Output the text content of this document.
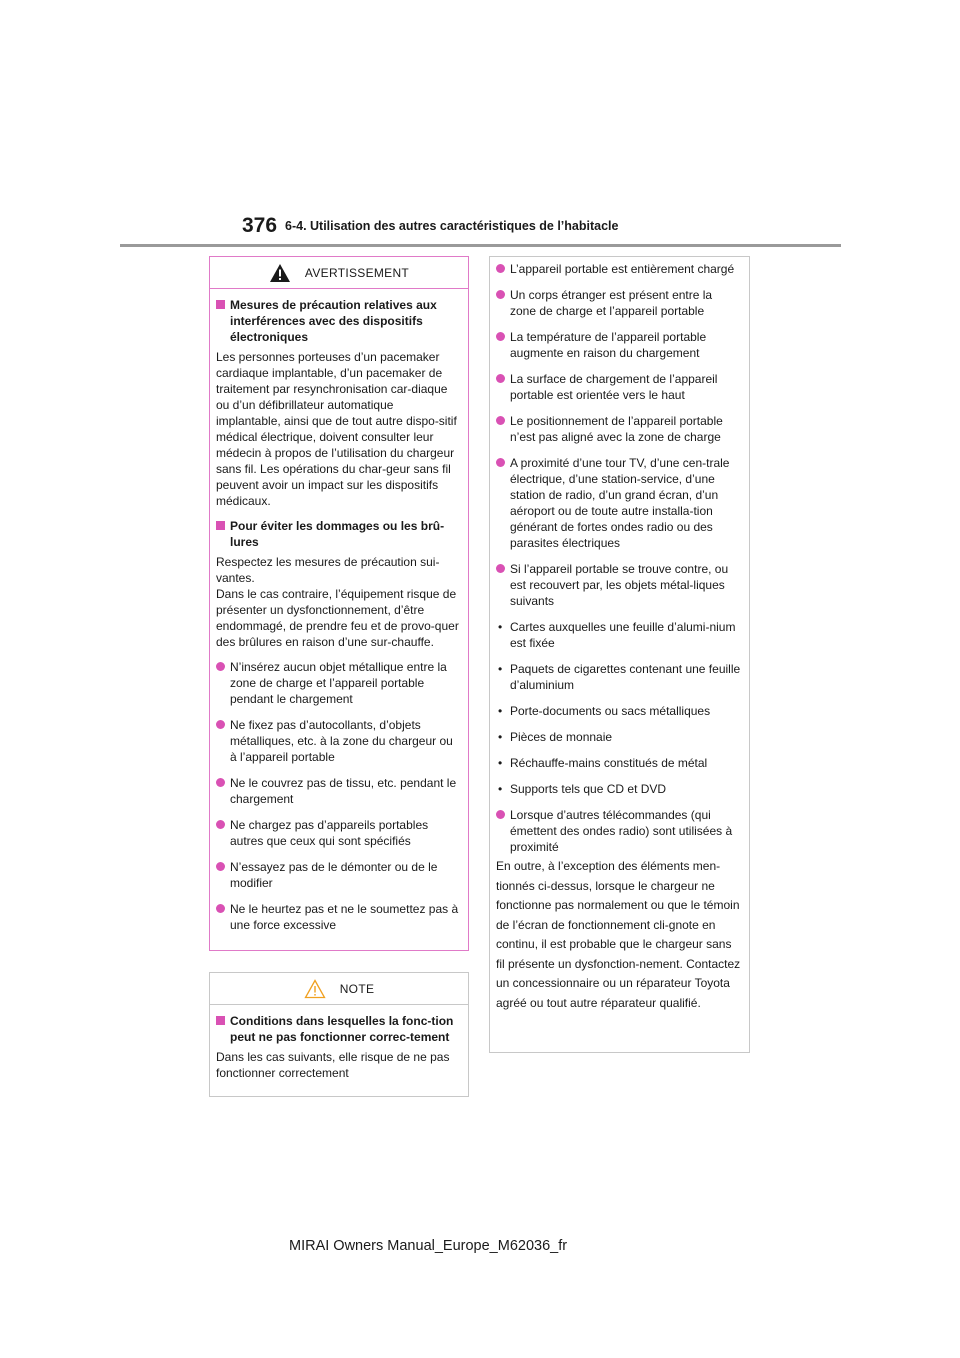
376 6-4. Utilisation des autres caractéristiques de l’habitacle
AVERTISSEMENT
Mesures de précaution relatives aux interférences avec des dispositifs électroniques
Les personnes porteuses d’un pacemaker cardiaque implantable, d’un pacemaker de traitement par resynchronisation car-diaque ou d’un défibrillateur automatique implantable, ainsi que de tout autre dispo-sitif médical électrique, doivent consulter leur médecin à propos de l’utilisation du chargeur sans fil. Les opérations du char-geur sans fil peuvent avoir un impact sur les dispositifs médicaux.
Pour éviter les dommages ou les brû-lures
Respectez les mesures de précaution sui-vantes.
Dans le cas contraire, l’équipement risque de présenter un dysfonctionnement, d’être endommagé, de prendre feu et de provo-quer des brûlures en raison d’une sur-chauffe.
N’insérez aucun objet métallique entre la zone de charge et l’appareil portable pendant le chargement
Ne fixez pas d’autocollants, d’objets métalliques, etc. à la zone du chargeur ou à l’appareil portable
Ne le couvrez pas de tissu, etc. pendant le chargement
Ne chargez pas d’appareils portables autres que ceux qui sont spécifiés
N’essayez pas de le démonter ou de le modifier
Ne le heurtez pas et ne le soumettez pas à une force excessive
NOTE
Conditions dans lesquelles la fonc-tion peut ne pas fonctionner correc-tement
Dans les cas suivants, elle risque de ne pas fonctionner correctement
L’appareil portable est entièrement chargé
Un corps étranger est présent entre la zone de charge et l’appareil portable
La température de l’appareil portable augmente en raison du chargement
La surface de chargement de l’appareil portable est orientée vers le haut
Le positionnement de l’appareil portable n’est pas aligné avec la zone de charge
A proximité d’une tour TV, d’une cen-trale électrique, d’une station-service, d’une station de radio, d’un grand écran, d’un aéroport ou de toute autre installa-tion générant de fortes ondes radio ou des parasites électriques
Si l’appareil portable se trouve contre, ou est recouvert par, les objets métal-liques suivants
• Cartes auxquelles une feuille d’alumi-nium est fixée
• Paquets de cigarettes contenant une feuille d’aluminium
• Porte-documents ou sacs métalliques
• Pièces de monnaie
• Réchauffe-mains constitués de métal
• Supports tels que CD et DVD
Lorsque d’autres télécommandes (qui émettent des ondes radio) sont utilisées à proximité
En outre, à l’exception des éléments men-tionnés ci-dessus, lorsque le chargeur ne fonctionne pas normalement ou que le témoin de l’écran de fonctionnement cli-gnote en continu, il est probable que le chargeur sans fil présente un dysfonction-nement. Contactez un concessionnaire ou un réparateur Toyota agréé ou tout autre réparateur qualifié.
MIRAI Owners Manual_Europe_M62036_fr
